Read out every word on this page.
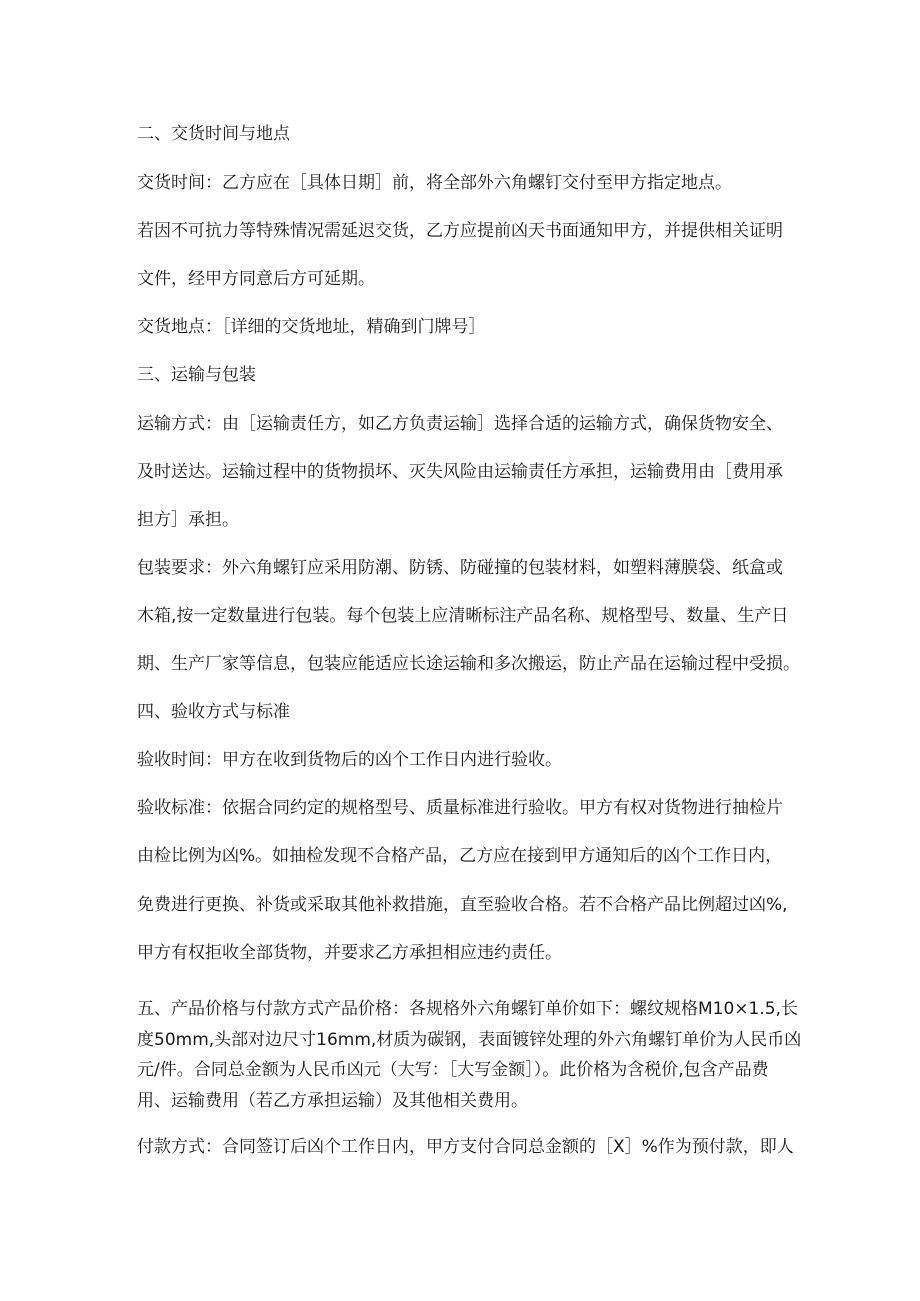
二、交货时间与地点
交货时间：乙方应在［具体日期］前，将全部外六角螺钉交付至甲方指定地点。
若因不可抗力等特殊情况需延迟交货，乙方应提前凶天书面通知甲方，并提供相关证明
文件，经甲方同意后方可延期。
交货地点：［详细的交货地址，精确到门牌号］
三、运输与包装
运输方式：由［运输责任方，如乙方负责运输］选择合适的运输方式，确保货物安全、
及时送达。运输过程中的货物损坏、灭失风险由运输责任方承担，运输费用由［费用承
担方］承担。
包装要求：外六角螺钉应采用防潮、防锈、防碰撞的包装材料，如塑料薄膜袋、纸盒或
木箱,按一定数量进行包装。每个包装上应清晰标注产品名称、规格型号、数量、生产日
期、生产厂家等信息，包装应能适应长途运输和多次搬运，防止产品在运输过程中受损。
四、验收方式与标准
验收时间：甲方在收到货物后的凶个工作日内进行验收。
验收标准：依据合同约定的规格型号、质量标准进行验收。甲方有权对货物进行抽检片
由检比例为凶%。如抽检发现不合格产品，乙方应在接到甲方通知后的凶个工作日内，
免费进行更换、补货或采取其他补救措施，直至验收合格。若不合格产品比例超过凶%,
甲方有权拒收全部货物，并要求乙方承担相应违约责任。
五、产品价格与付款方式产品价格：各规格外六角螺钉单价如下：螺纹规格M10×1.5,长
度50mm,头部对边尺寸16mm,材质为碳钢，表面镀锌处理的外六角螺钉单价为人民币凶
元/件。合同总金额为人民币凶元（大写：［大写金额］）。此价格为含税价,包含产品费
用、运输费用（若乙方承担运输）及其他相关费用。
付款方式：合同签订后凶个工作日内，甲方支付合同总金额的［X］%作为预付款，即人
